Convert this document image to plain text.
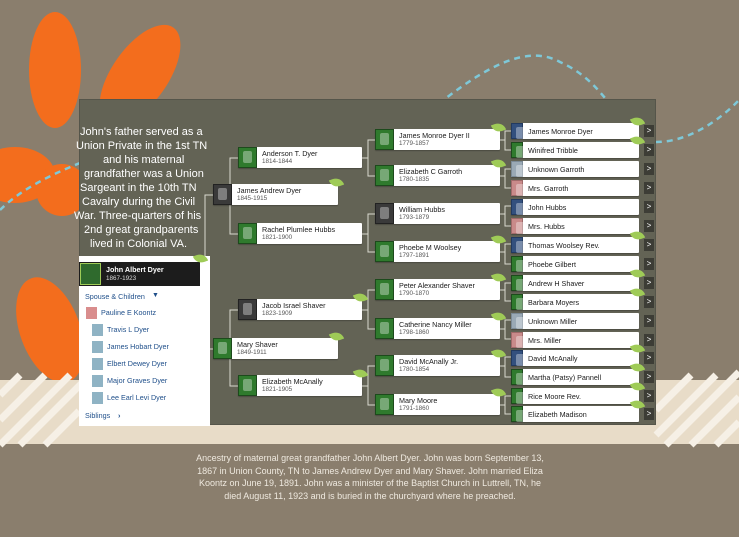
John's father served as a
Union Private in the 1st TN
and his maternal
grandfather was a Union
Sargeant in the 10th TN
Cavalry during the Civil
War. Three-quarters of his
2nd great grandparents
lived in Colonial VA.
John Albert Dyer
1867-1923
Spouse & Children ▼
Pauline E Koontz
Travis L Dyer
James Hobart Dyer
Elbert Dewey Dyer
Major Graves Dyer
Lee Earl Levi Dyer
Siblings ›
James Andrew Dyer
1845-1915
Mary Shaver
1849-1911
Anderson T. Dyer
1814-1844
Rachel Plumlee Hubbs
1821-1900
Jacob Israel Shaver
1823-1909
Elizabeth McAnally
1821-1905
James Monroe Dyer II
1779-1857
Elizabeth C Garroth
1780-1835
William Hubbs
1793-1879
Phoebe M Woolsey
1797-1891
Peter Alexander Shaver
1790-1870
Catherine Nancy Miller
1798-1860
David McAnally Jr.
1780-1854
Mary Moore
1791-1860
James Monroe Dyer
Winifred Tribble
Unknown Garroth
Mrs. Garroth
John Hubbs
Mrs. Hubbs
Thomas Woolsey Rev.
Phoebe Gilbert
Andrew H Shaver
Barbara Moyers
Unknown Miller
Mrs. Miller
David McAnally
Martha (Patsy) Pannell
Rice Moore Rev.
Elizabeth Madison
>
>
>
>
>
>
>
>
>
>
>
>
>
>
>
>
Ancestry of maternal great grandfather John Albert Dyer. John was born September 13,
1867 in Union County, TN to James Andrew Dyer and Mary Shaver. John married Eliza
Koontz on June 19, 1891. John was a minister of the Baptist Church in Luttrell, TN, he
died August 11, 1923 and is buried in the churchyard where he preached.
